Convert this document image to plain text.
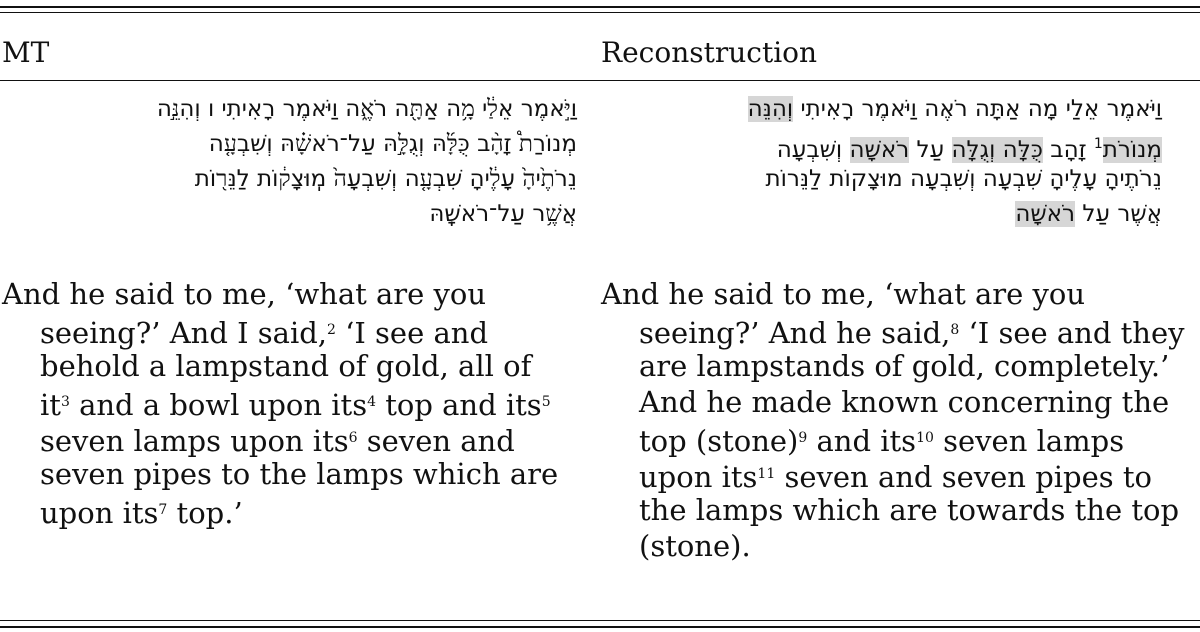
MT	Reconstruction
וַיֹּ֣אמֶר אֵלַ֔י מָ֥ה אַתָּ֖ה רֹאֶ֑ה וַיֹּאמֶר רָאִיתִי ו וְהִנֵּ֣ה
מְנוֹרַת֩ זָהָ֨ב כֻּלָּ֜הּ וְגֻלָּ֣הּ עַל־רֹאשָׁ֗הּ וְשִׁבְעָ֤ה
נֵרֹתֶ֙יהָ֙ עָלֶ֔יהָ שִׁבְעָ֤ה וְשִׁבְעָה֙ מֽוּצָק֔וֹת לַנֵּר֖וֹת
אֲשֶׁ֥ר עַל־רֹאשָֽׁהּ
וַיֹּאמֶר אֵלַי מָה אַתָּה רֹאֶה וַיֹּאמֶר רָאִיתִי וְהִנֵּה
מְנוֹרֹת$^1$ זָהָב כֻּלָּה וְגֻלָּה עַל רֹאשָׁה וְשִׁבְעָה
נֵרֹתֶיהָ עָלֶיהָ שִׁבְעָה וְשִׁבְעָה מוּצָקוֹת לַנֵּרוֹת
אֲשֶׁר עַל רֹאשָׁה
And he said to me, ‘what are you
seeing?’ And I said,$^2$ ‘I see and
behold a lampstand of gold, all of
$it^3$ and a bowl upon its$^4$ top and its$^5$
seven lamps upon its$^6$ seven and
seven pipes to the lamps which are
upon its$^7$ top.’
And he said to me, ‘what are you
seeing?’ And he said,$^8$ ‘I see and they
are lampstands of gold, completely.’
And he made known concerning the
top (stone)$^9$ and its$^{10}$ seven lamps
upon its$^{11}$ seven and seven pipes to
the lamps which are towards the top
(stone).
